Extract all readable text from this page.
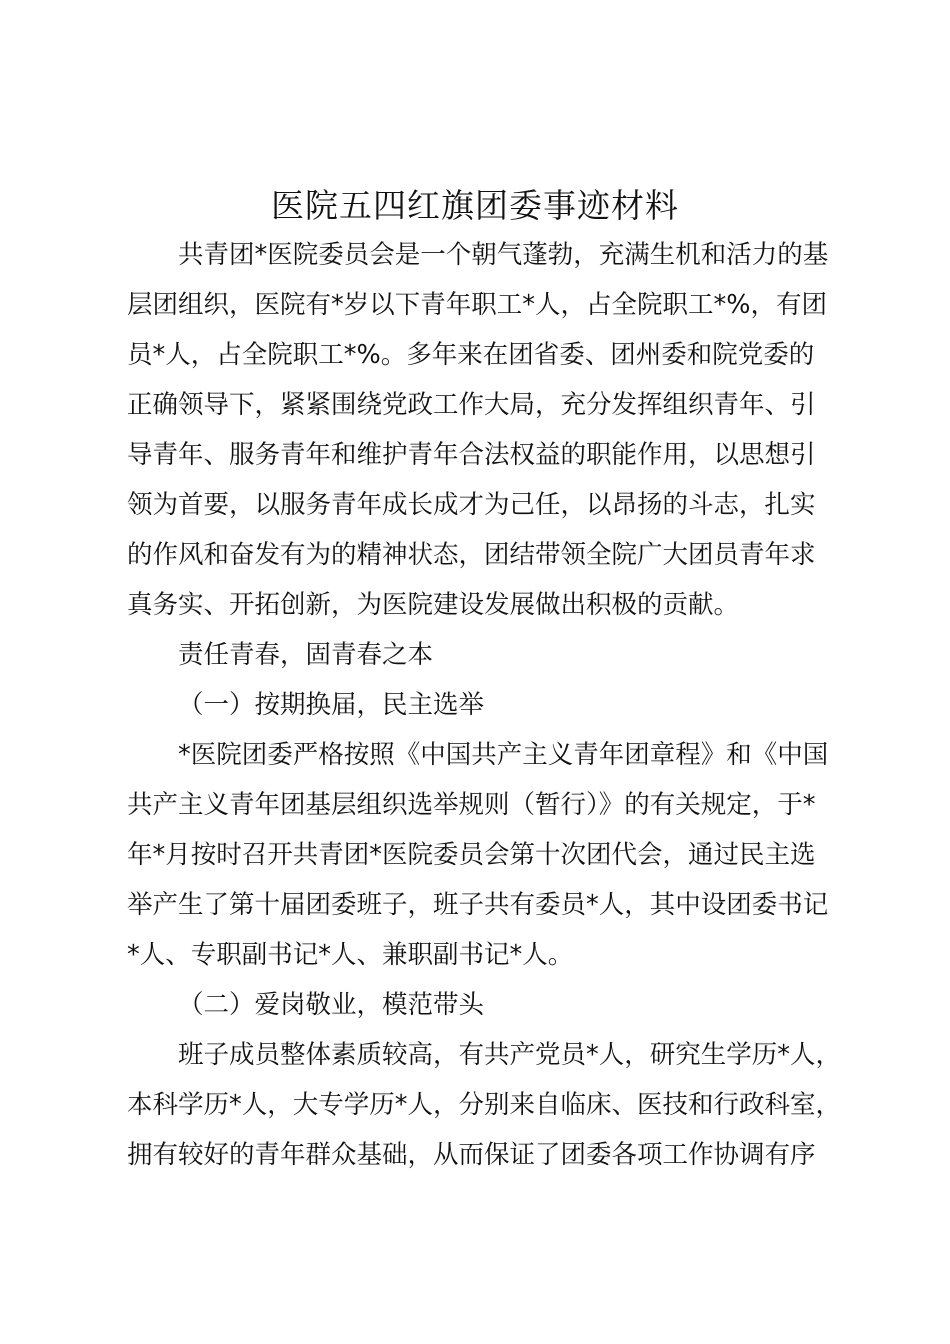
医院五四红旗团委事迹材料
共青团*医院委员会是一个朝气蓬勃，充满生机和活力的基
层团组织，医院有*岁以下青年职工*人，占全院职工*%，有团
员*人，占全院职工*%。多年来在团省委、团州委和院党委的
正确领导下，紧紧围绕党政工作大局，充分发挥组织青年、引
导青年、服务青年和维护青年合法权益的职能作用，以思想引
领为首要，以服务青年成长成才为己任，以昂扬的斗志，扎实
的作风和奋发有为的精神状态，团结带领全院广大团员青年求
真务实、开拓创新，为医院建设发展做出积极的贡献。
责任青春，固青春之本
（一）按期换届，民主选举
*医院团委严格按照《中国共产主义青年团章程》和《中国
共产主义青年团基层组织选举规则（暂行）》的有关规定，于*
年*月按时召开共青团*医院委员会第十次团代会，通过民主选
举产生了第十届团委班子，班子共有委员*人，其中设团委书记
*人、专职副书记*人、兼职副书记*人。
（二）爱岗敬业，模范带头
班子成员整体素质较高，有共产党员*人，研究生学历*人，
本科学历*人，大专学历*人，分别来自临床、医技和行政科室，
拥有较好的青年群众基础，从而保证了团委各项工作协调有序
